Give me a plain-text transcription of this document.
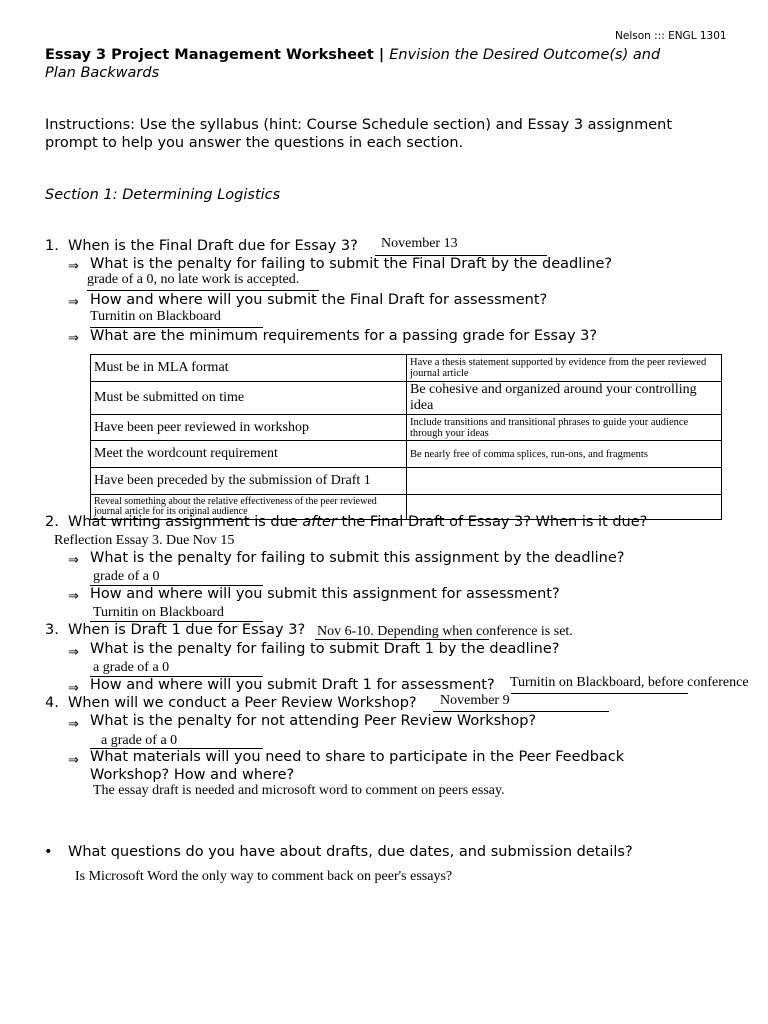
Nelson ::: ENGL 1301
Essay 3 Project Management Worksheet | Envision the Desired Outcome(s) and
Plan Backwards
Instructions: Use the syllabus (hint: Course Schedule section) and Essay 3 assignment
prompt to help you answer the questions in each section.
Section 1: Determining Logistics
1. When is the Final Draft due for Essay 3? November 13
⇒ What is the penalty for failing to submit the Final Draft by the deadline?
grade of a 0, no late work is accepted.
⇒ How and where will you submit the Final Draft for assessment?
Turnitin on Blackboard
⇒ What are the minimum requirements for a passing grade for Essay 3?
Must be in MLA format	Have a thesis statement supported by evidence from the peer reviewed journal article
Must be submitted on time	Be cohesive and organized around your controlling idea
Have been peer reviewed in workshop	Include transitions and transitional phrases to guide your audience through your ideas
Meet the wordcount requirement	Be nearly free of comma splices, run-ons, and fragments
Have been preceded by the submission of Draft 1	
Reveal something about the relative effectiveness of the peer reviewed journal article for its original audience	
2. What writing assignment is due after the Final Draft of Essay 3? When is it due?
Reflection Essay 3. Due Nov 15
⇒ What is the penalty for failing to submit this assignment by the deadline?
grade of a 0
⇒ How and where will you submit this assignment for assessment?
Turnitin on Blackboard
3. When is Draft 1 due for Essay 3? Nov 6-10. Depending when conference is set.
⇒ What is the penalty for failing to submit Draft 1 by the deadline?
a grade of a 0
⇒ How and where will you submit Draft 1 for assessment? Turnitin on Blackboard, before conference
4. When will we conduct a Peer Review Workshop? November 9
⇒ What is the penalty for not attending Peer Review Workshop?
a grade of a 0
⇒ What materials will you need to share to participate in the Peer Feedback
Workshop? How and where?
The essay draft is needed and microsoft word to comment on peers essay.
• What questions do you have about drafts, due dates, and submission details?
Is Microsoft Word the only way to comment back on peer's essays?
